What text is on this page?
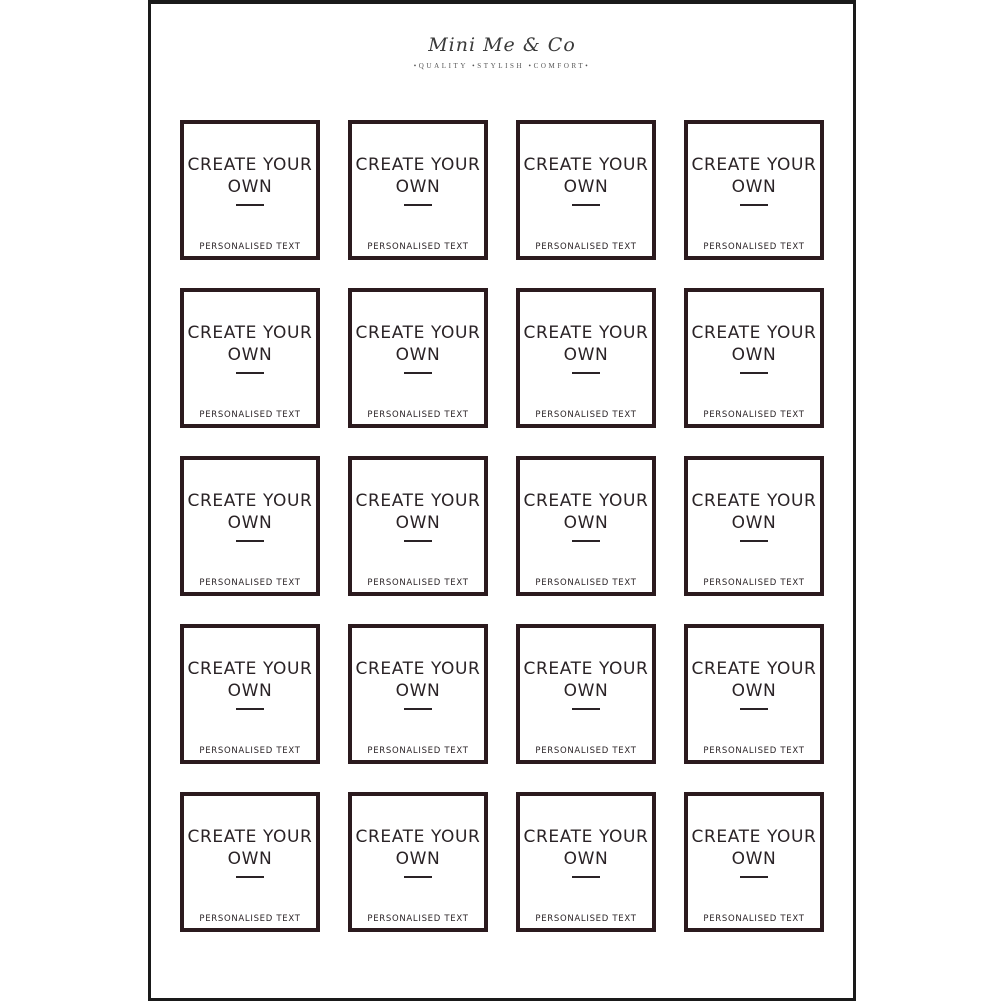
Mini Me & Co
•QUALITY •STYLISH •COMFORT•
CREATE YOUR OWN
PERSONALISED TEXT
CREATE YOUR OWN
PERSONALISED TEXT
CREATE YOUR OWN
PERSONALISED TEXT
CREATE YOUR OWN
PERSONALISED TEXT
CREATE YOUR OWN
PERSONALISED TEXT
CREATE YOUR OWN
PERSONALISED TEXT
CREATE YOUR OWN
PERSONALISED TEXT
CREATE YOUR OWN
PERSONALISED TEXT
CREATE YOUR OWN
PERSONALISED TEXT
CREATE YOUR OWN
PERSONALISED TEXT
CREATE YOUR OWN
PERSONALISED TEXT
CREATE YOUR OWN
PERSONALISED TEXT
CREATE YOUR OWN
PERSONALISED TEXT
CREATE YOUR OWN
PERSONALISED TEXT
CREATE YOUR OWN
PERSONALISED TEXT
CREATE YOUR OWN
PERSONALISED TEXT
CREATE YOUR OWN
PERSONALISED TEXT
CREATE YOUR OWN
PERSONALISED TEXT
CREATE YOUR OWN
PERSONALISED TEXT
CREATE YOUR OWN
PERSONALISED TEXT
